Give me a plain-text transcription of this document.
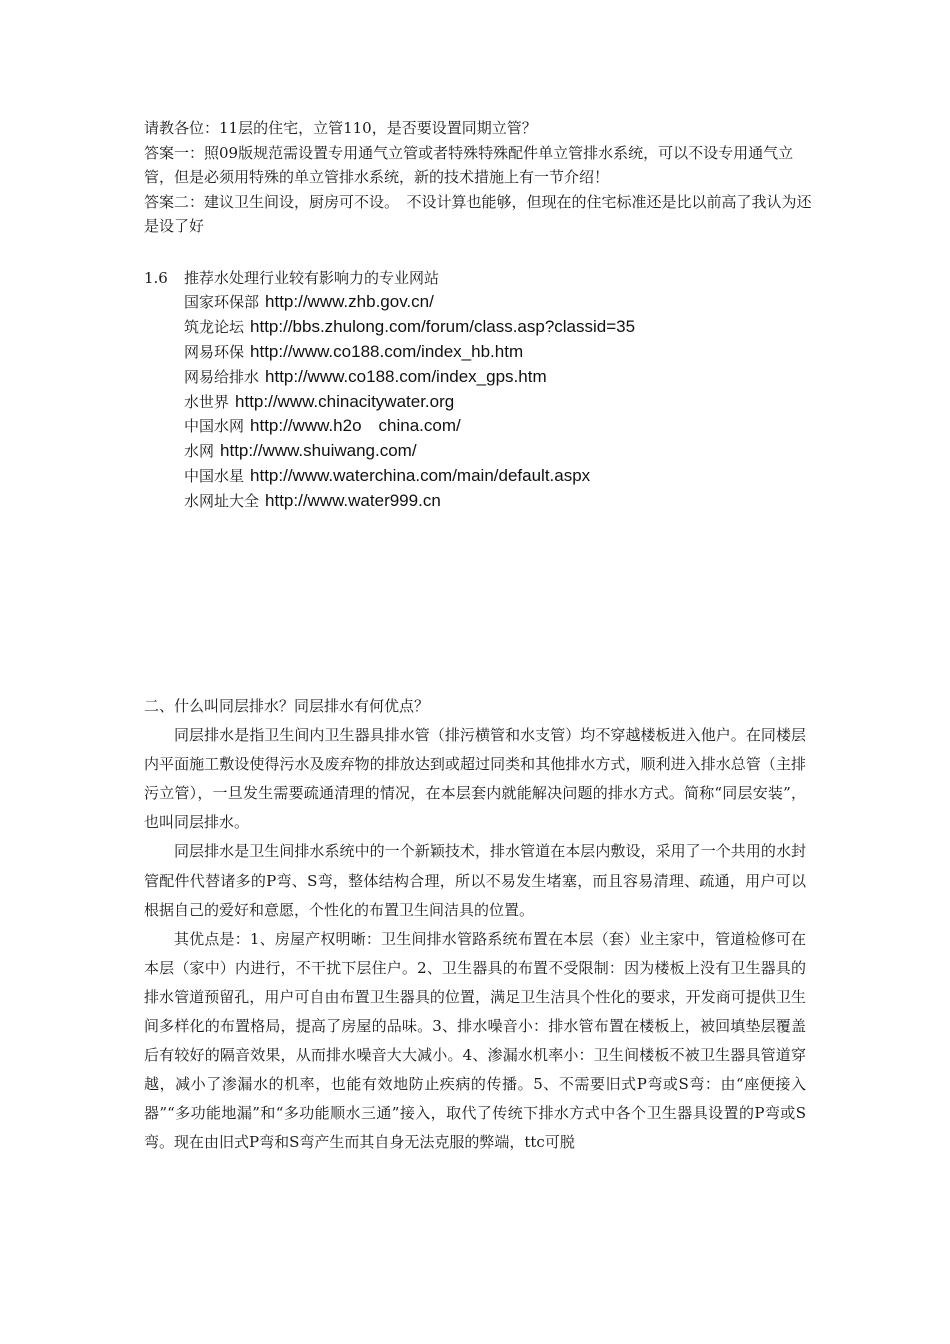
请教各位：11层的住宅，立管110，是否要设置同期立管？

答案一：照09版规范需设置专用通气立管或者特殊特殊配件单立管排水系统，可以不设专用通气立管，但是必须用特殊的单立管排水系统，新的技术措施上有一节介绍！

答案二：建议卫生间设，厨房可不设。　不设计算也能够，但现在的住宅标准还是比以前高了我认为还是设了好

1.6	推荐水处理行业较有影响力的专业网站
国家环保部 http://www.zhb.gov.cn/
筑龙论坛 http://bbs.zhulong.com/forum/class.asp?classid=35
网易环保 http://www.co188.com/index_hb.htm
网易给排水 http://www.co188.com/index_gps.htm
水世界 http://www.chinacitywater.org
中国水网 http://www.h2o　china.com/
水网 http://www.shuiwang.com/
中国水星 http://www.waterchina.com/main/default.aspx
水网址大全 http://www.water999.cn

二、什么叫同层排水？同层排水有何优点？

同层排水是指卫生间内卫生器具排水管（排污横管和水支管）均不穿越楼板进入他户。在同楼层内平面施工敷设使得污水及废弃物的排放达到或超过同类和其他排水方式，顺利进入排水总管（主排污立管），一旦发生需要疏通清理的情况，在本层套内就能解决问题的排水方式。简称“同层安装”，也叫同层排水。

同层排水是卫生间排水系统中的一个新颖技术，排水管道在本层内敷设，采用了一个共用的水封管配件代替诸多的P弯、S弯，整体结构合理，所以不易发生堵塞，而且容易清理、疏通，用户可以根据自己的爱好和意愿，个性化的布置卫生间洁具的位置。

其优点是：1、房屋产权明晰：卫生间排水管路系统布置在本层（套）业主家中，管道检修可在本层（家中）内进行，不干扰下层住户。2、卫生器具的布置不受限制：因为楼板上没有卫生器具的排水管道预留孔，用户可自由布置卫生器具的位置，满足卫生洁具个性化的要求，开发商可提供卫生间多样化的布置格局，提高了房屋的品味。3、排水噪音小：排水管布置在楼板上，被回填垫层覆盖后有较好的隔音效果，从而排水噪音大大减小。4、渗漏水机率小：卫生间楼板不被卫生器具管道穿越，减小了渗漏水的机率，也能有效地防止疾病的传播。5、不需要旧式P弯或S弯：由“座便接入器”“多功能地漏”和“多功能顺水三通”接入，取代了传统下排水方式中各个卫生器具设置的P弯或S弯。现在由旧式P弯和S弯产生而其自身无法克服的弊端，ttc可脱
